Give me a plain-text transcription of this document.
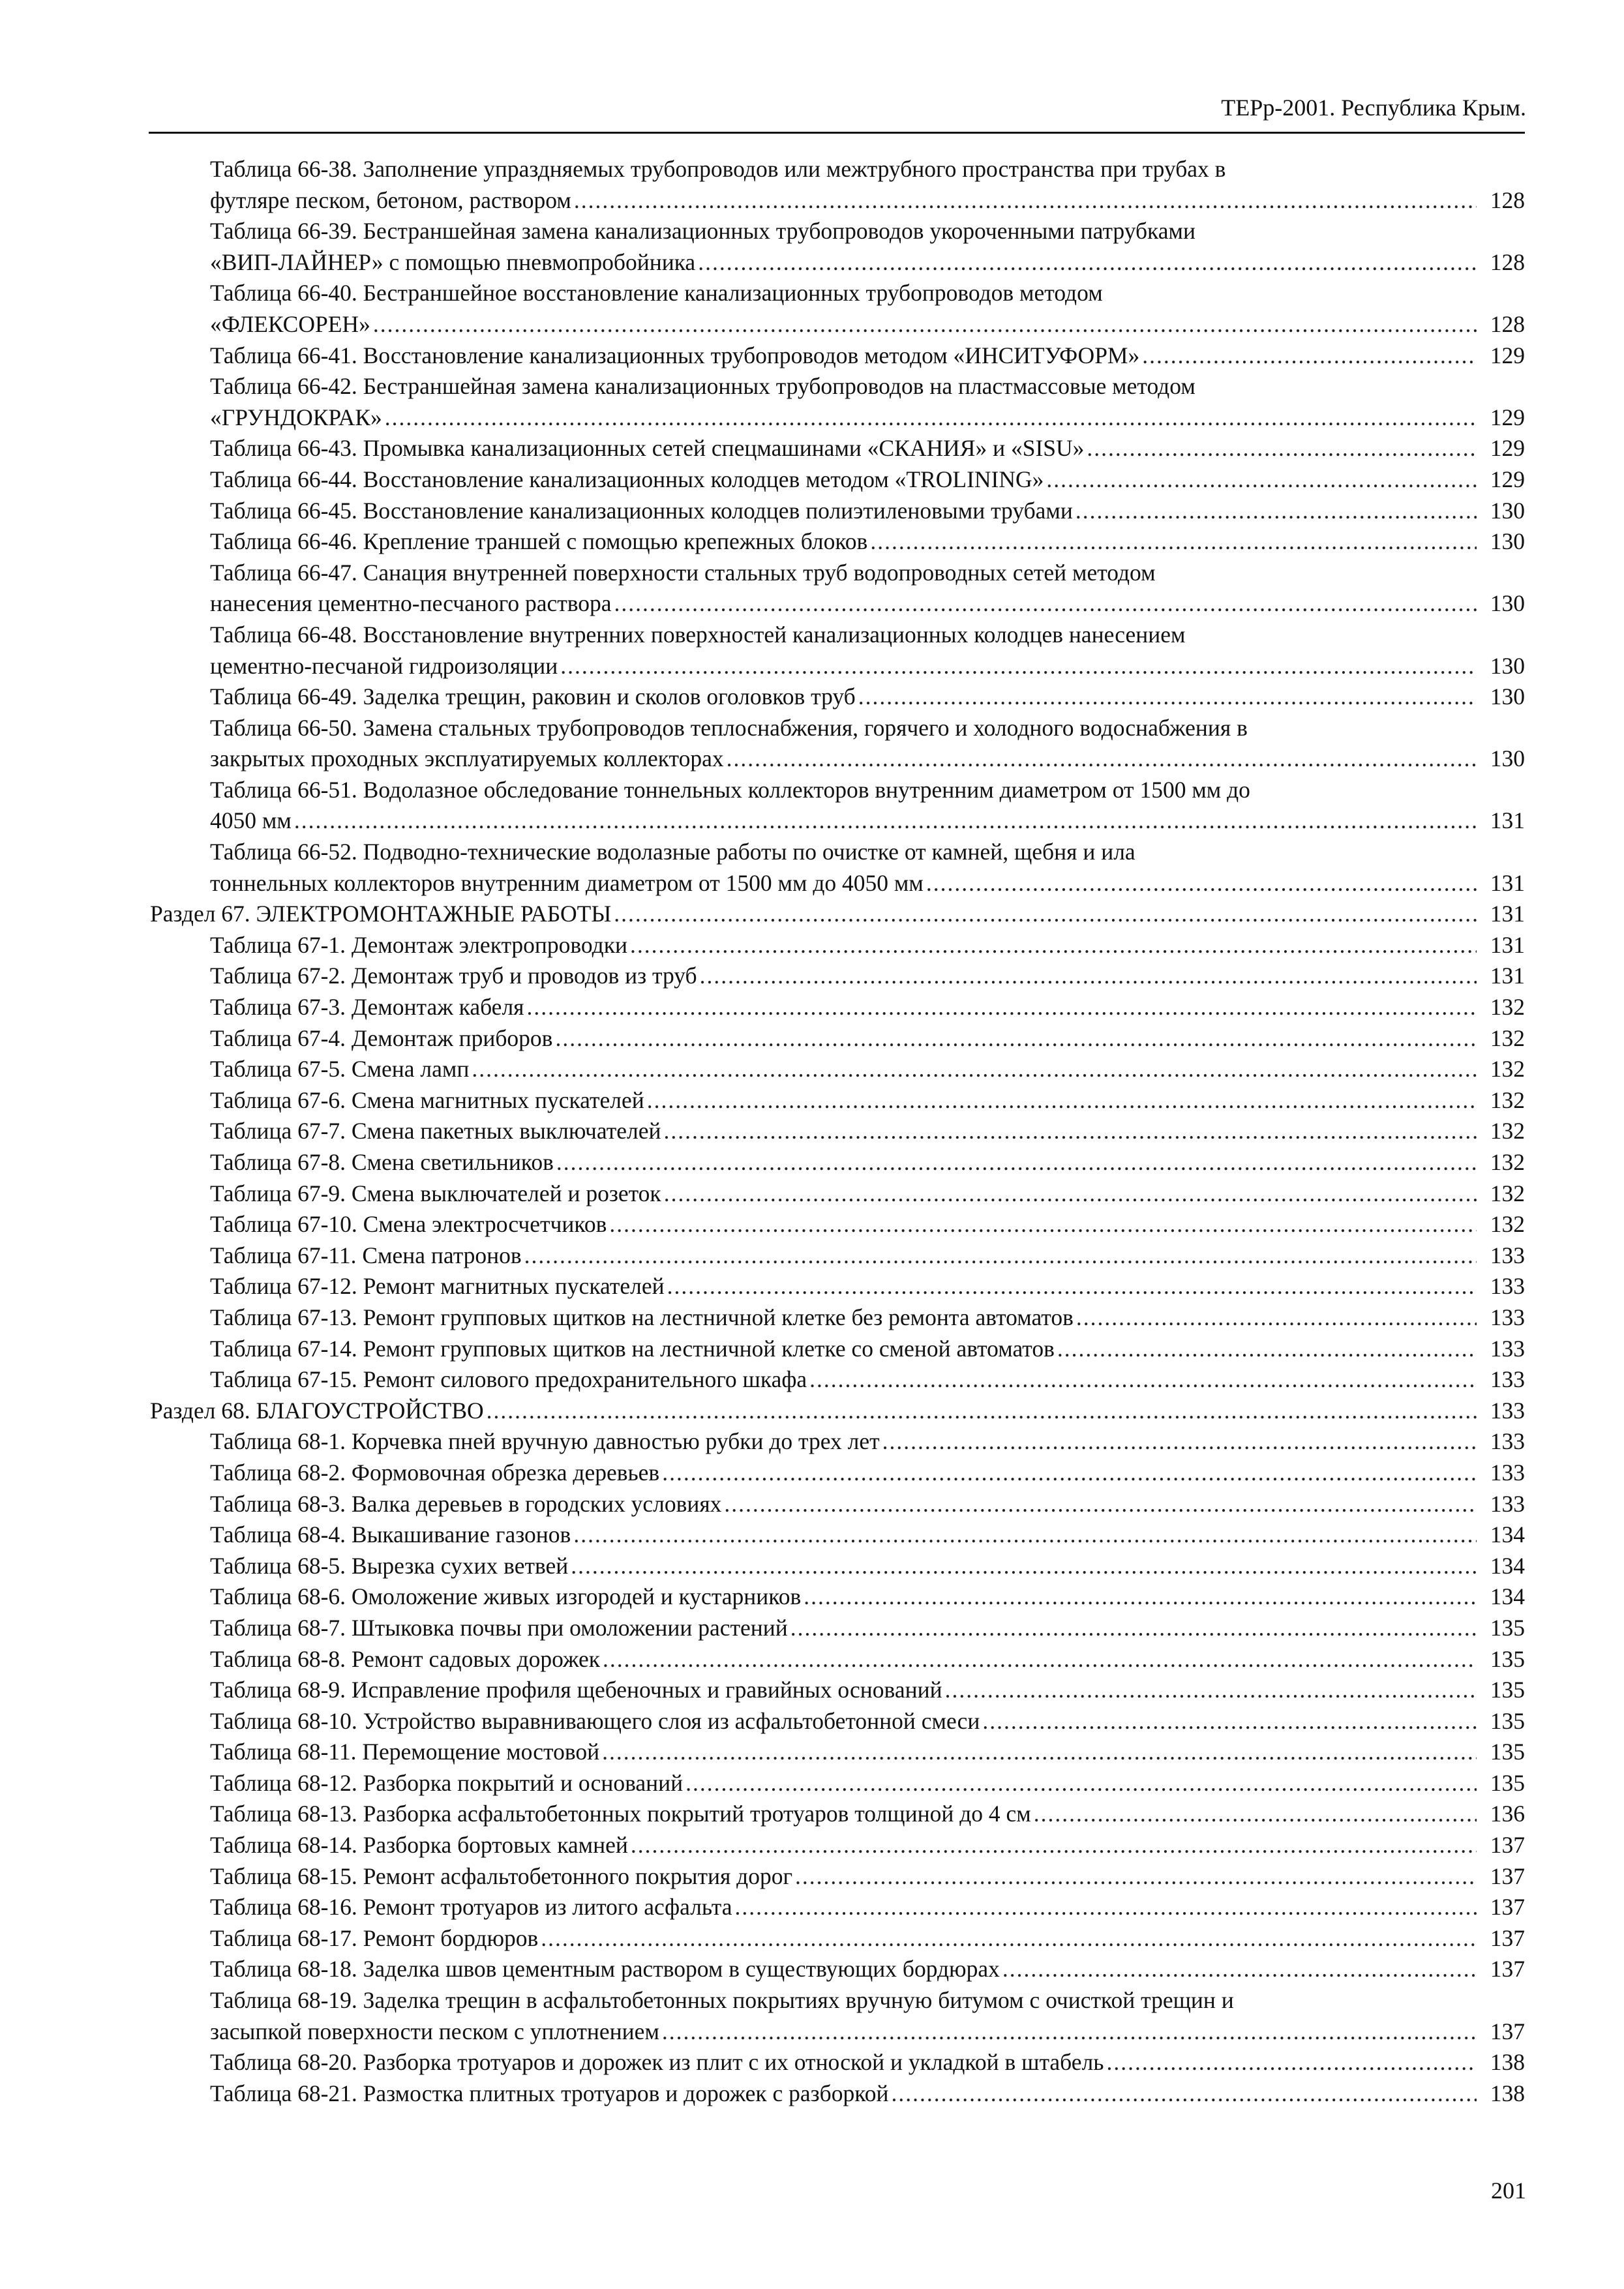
ТЕРр-2001. Республика Крым.
Таблица 66-38. Заполнение упраздняемых трубопроводов или межтрубного пространства при трубах в
футляре песком, бетоном, раствором .....	128
Таблица 66-39. Бестраншейная замена канализационных трубопроводов укороченными патрубками
«ВИП-ЛАЙНЕР» с помощью пневмопробойника .....	128
Таблица 66-40. Бестраншейное восстановление канализационных трубопроводов методом
«ФЛЕКСОРЕН» .....	128
Таблица 66-41. Восстановление канализационных трубопроводов методом «ИНСИТУФОРМ» .....	129
Таблица 66-42. Бестраншейная замена канализационных трубопроводов на пластмассовые методом
«ГРУНДОКРАК» .....	129
Таблица 66-43. Промывка канализационных сетей спецмашинами «СКАНИЯ» и «SISU» .....	129
Таблица 66-44. Восстановление канализационных колодцев методом «TROLINING» .....	129
Таблица 66-45. Восстановление канализационных колодцев полиэтиленовыми трубами .....	130
Таблица 66-46. Крепление траншей с помощью крепежных блоков .....	130
Таблица 66-47. Санация внутренней поверхности стальных труб водопроводных сетей методом
нанесения цементно-песчаного раствора .....	130
Таблица 66-48. Восстановление внутренних поверхностей канализационных колодцев нанесением
цементно-песчаной гидроизоляции .....	130
Таблица 66-49. Заделка трещин, раковин и сколов оголовков труб .....	130
Таблица 66-50. Замена стальных трубопроводов теплоснабжения, горячего и холодного водоснабжения в
закрытых проходных эксплуатируемых коллекторах .....	130
Таблица 66-51. Водолазное обследование тоннельных коллекторов внутренним диаметром от 1500 мм до
4050 мм .....	131
Таблица 66-52. Подводно-технические водолазные работы по очистке от камней, щебня и ила
тоннельных коллекторов внутренним диаметром от 1500 мм до 4050 мм .....	131
Раздел 67. ЭЛЕКТРОМОНТАЖНЫЕ РАБОТЫ .....	131
Таблица 67-1. Демонтаж электропроводки .....	131
Таблица 67-2. Демонтаж труб и проводов из труб .....	131
Таблица 67-3. Демонтаж кабеля .....	132
Таблица 67-4. Демонтаж приборов .....	132
Таблица 67-5. Смена ламп .....	132
Таблица 67-6. Смена магнитных пускателей .....	132
Таблица 67-7. Смена пакетных выключателей .....	132
Таблица 67-8. Смена светильников .....	132
Таблица 67-9. Смена выключателей и розеток .....	132
Таблица 67-10. Смена электросчетчиков .....	132
Таблица 67-11. Смена патронов .....	133
Таблица 67-12. Ремонт магнитных пускателей .....	133
Таблица 67-13. Ремонт групповых щитков на лестничной клетке без ремонта автоматов .....	133
Таблица 67-14. Ремонт групповых щитков на лестничной клетке со сменой автоматов .....	133
Таблица 67-15. Ремонт силового предохранительного шкафа .....	133
Раздел 68. БЛАГОУСТРОЙСТВО .....	133
Таблица 68-1. Корчевка пней вручную давностью рубки до трех лет .....	133
Таблица 68-2. Формовочная обрезка деревьев .....	133
Таблица 68-3. Валка деревьев в городских условиях .....	133
Таблица 68-4. Выкашивание газонов .....	134
Таблица 68-5. Вырезка сухих ветвей .....	134
Таблица 68-6. Омоложение живых изгородей и кустарников .....	134
Таблица 68-7. Штыковка почвы при омоложении растений .....	135
Таблица 68-8. Ремонт садовых дорожек .....	135
Таблица 68-9. Исправление профиля щебеночных и гравийных оснований .....	135
Таблица 68-10. Устройство выравнивающего слоя из асфальтобетонной смеси .....	135
Таблица 68-11. Перемощение мостовой .....	135
Таблица 68-12. Разборка покрытий и оснований .....	135
Таблица 68-13. Разборка асфальтобетонных покрытий тротуаров толщиной до 4 см .....	136
Таблица 68-14. Разборка бортовых камней .....	137
Таблица 68-15. Ремонт асфальтобетонного покрытия дорог .....	137
Таблица 68-16. Ремонт тротуаров из литого асфальта .....	137
Таблица 68-17. Ремонт бордюров .....	137
Таблица 68-18. Заделка швов цементным раствором в существующих бордюрах .....	137
Таблица 68-19. Заделка трещин в асфальтобетонных покрытиях вручную битумом с очисткой трещин и
засыпкой поверхности песком с уплотнением .....	137
Таблица 68-20. Разборка тротуаров и дорожек из плит с их отноской и укладкой в штабель .....	138
Таблица 68-21. Размостка плитных тротуаров и дорожек с разборкой .....	138
201
